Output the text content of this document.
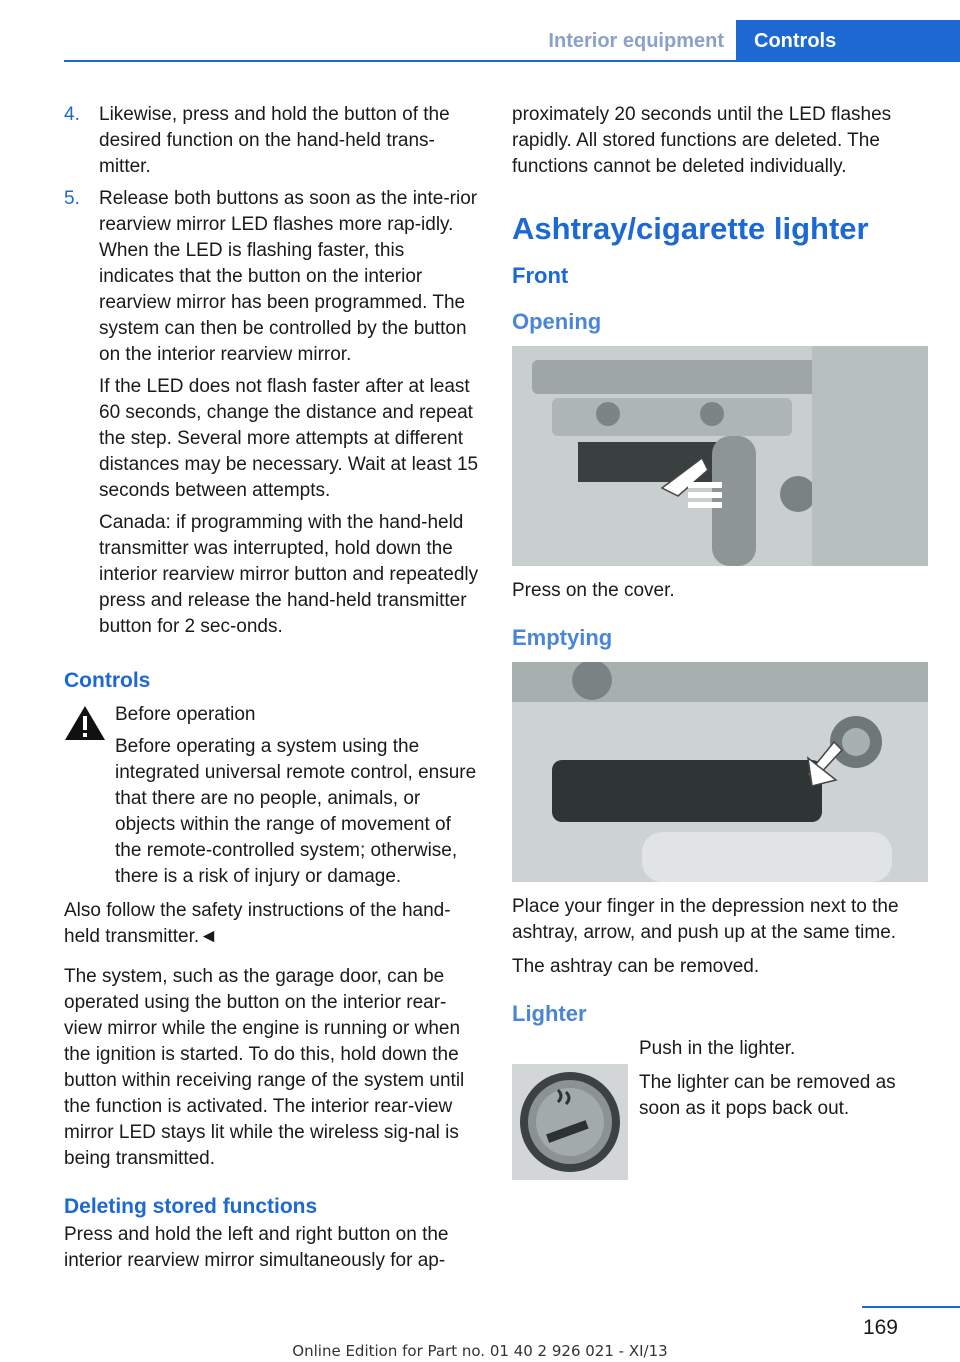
Interior equipment	Controls

4. Likewise, press and hold the button of the desired function on the hand-held trans-mitter.

5. Release both buttons as soon as the inte-rior rearview mirror LED flashes more rap-idly. When the LED is flashing faster, this indicates that the button on the interior rearview mirror has been programmed. The system can then be controlled by the button on the interior rearview mirror.

If the LED does not flash faster after at least 60 seconds, change the distance and repeat the step. Several more attempts at different distances may be necessary. Wait at least 15 seconds between attempts.

Canada: if programming with the hand-held transmitter was interrupted, hold down the interior rearview mirror button and repeatedly press and release the hand-held transmitter button for 2 sec-onds.

Controls

Before operation

Before operating a system using the integrated universal remote control, ensure that there are no people, animals, or objects within the range of movement of the remote-controlled system; otherwise, there is a risk of injury or damage.

Also follow the safety instructions of the hand-held transmitter.◄

The system, such as the garage door, can be operated using the button on the interior rear-view mirror while the engine is running or when the ignition is started. To do this, hold down the button within receiving range of the system until the function is activated. The interior rear-view mirror LED stays lit while the wireless sig-nal is being transmitted.

Deleting stored functions

Press and hold the left and right button on the interior rearview mirror simultaneously for ap-

proximately 20 seconds until the LED flashes rapidly. All stored functions are deleted. The functions cannot be deleted individually.

Ashtray/cigarette lighter
Front
Opening

Press on the cover.

Emptying

Place your finger in the depression next to the ashtray, arrow, and push up at the same time.

The ashtray can be removed.

Lighter

Push in the lighter.

The lighter can be removed as soon as it pops back out.

169
Online Edition for Part no. 01 40 2 926 021 - XI/13
